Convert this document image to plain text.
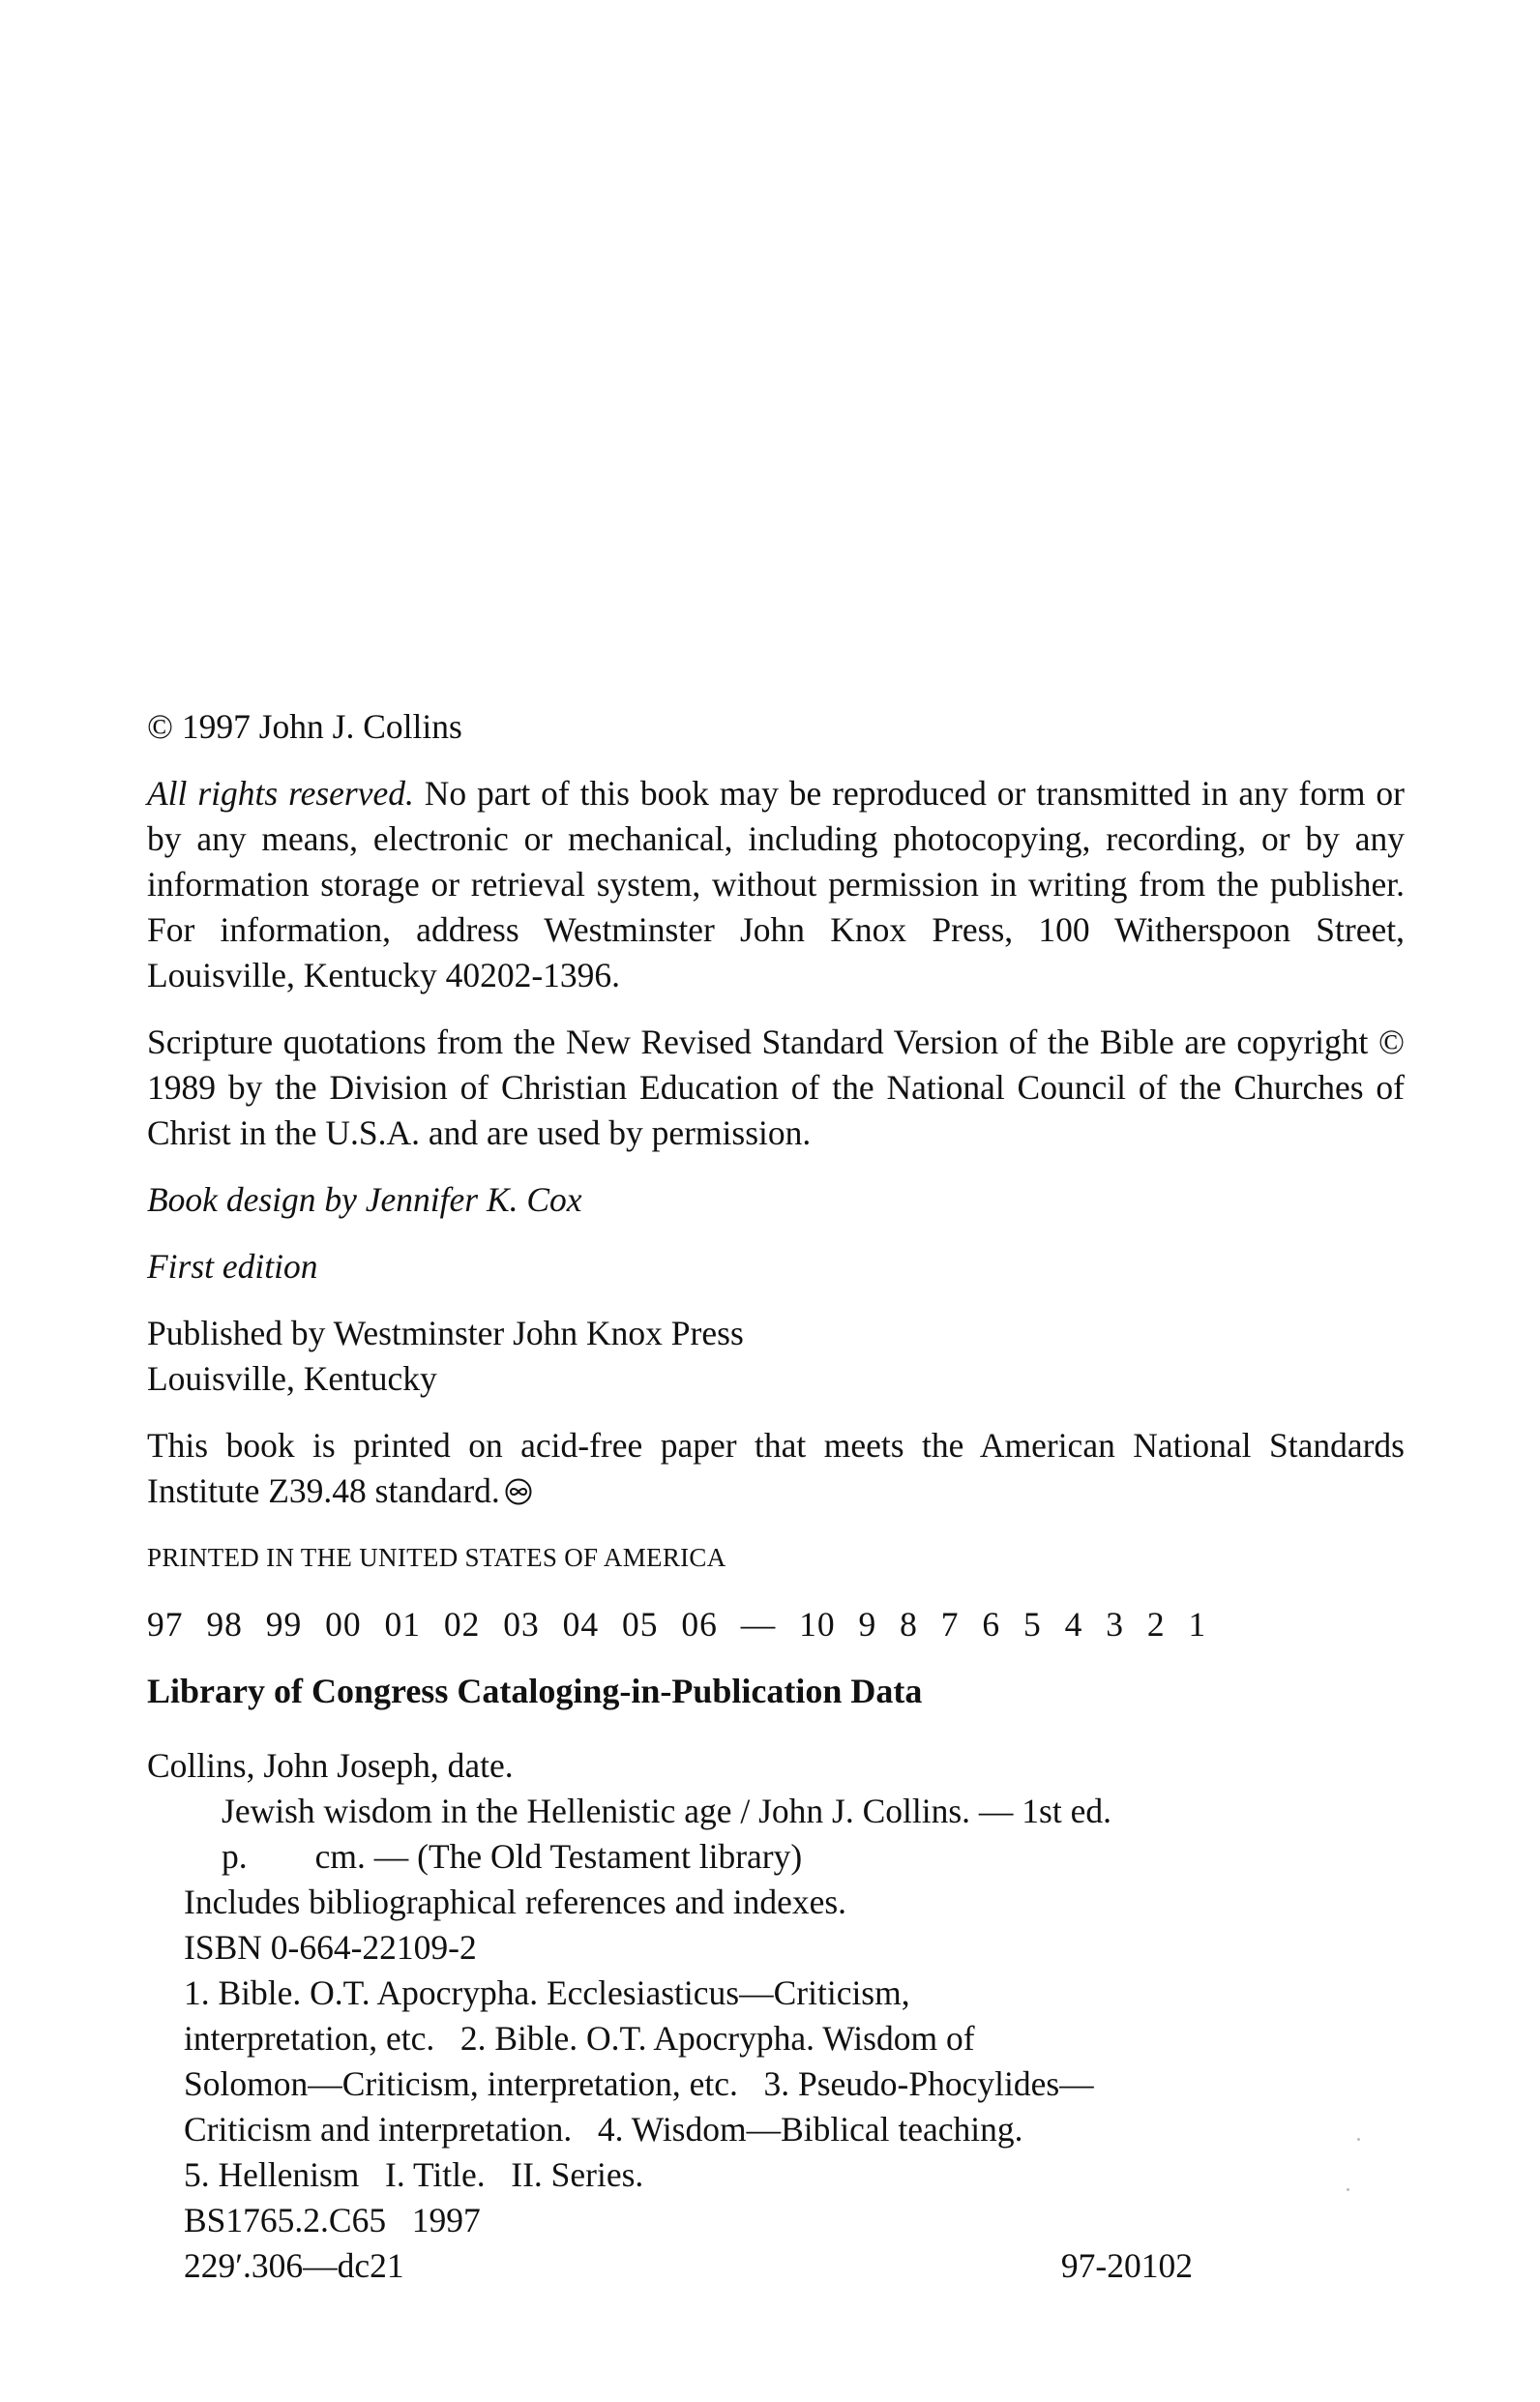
© 1997 John J. Collins

All rights reserved. No part of this book may be reproduced or transmitted in any form or by any means, electronic or mechanical, including photocopying, recording, or by any information storage or retrieval system, without permission in writing from the publisher. For information, address Westminster John Knox Press, 100 Witherspoon Street, Louisville, Kentucky 40202-1396.

Scripture quotations from the New Revised Standard Version of the Bible are copyright © 1989 by the Division of Christian Education of the National Council of the Churches of Christ in the U.S.A. and are used by permission.

Book design by Jennifer K. Cox

First edition

Published by Westminster John Knox Press
Louisville, Kentucky

This book is printed on acid-free paper that meets the American National Standards Institute Z39.48 standard.

PRINTED IN THE UNITED STATES OF AMERICA

97 98 99 00 01 02 03 04 05 06 — 10 9 8 7 6 5 4 3 2 1

Library of Congress Cataloging-in-Publication Data

Collins, John Joseph, date.
Jewish wisdom in the Hellenistic age / John J. Collins. — 1st ed.
p. cm. — (The Old Testament library)
Includes bibliographical references and indexes.
ISBN 0-664-22109-2
1. Bible. O.T. Apocrypha. Ecclesiasticus—Criticism,
interpretation, etc.   2. Bible. O.T. Apocrypha. Wisdom of
Solomon—Criticism, interpretation, etc.   3. Pseudo-Phocylides—
Criticism and interpretation.   4. Wisdom—Biblical teaching.
5. Hellenism   I. Title.   II. Series.
BS1765.2.C65   1997
229′.306—dc21	97-20102
